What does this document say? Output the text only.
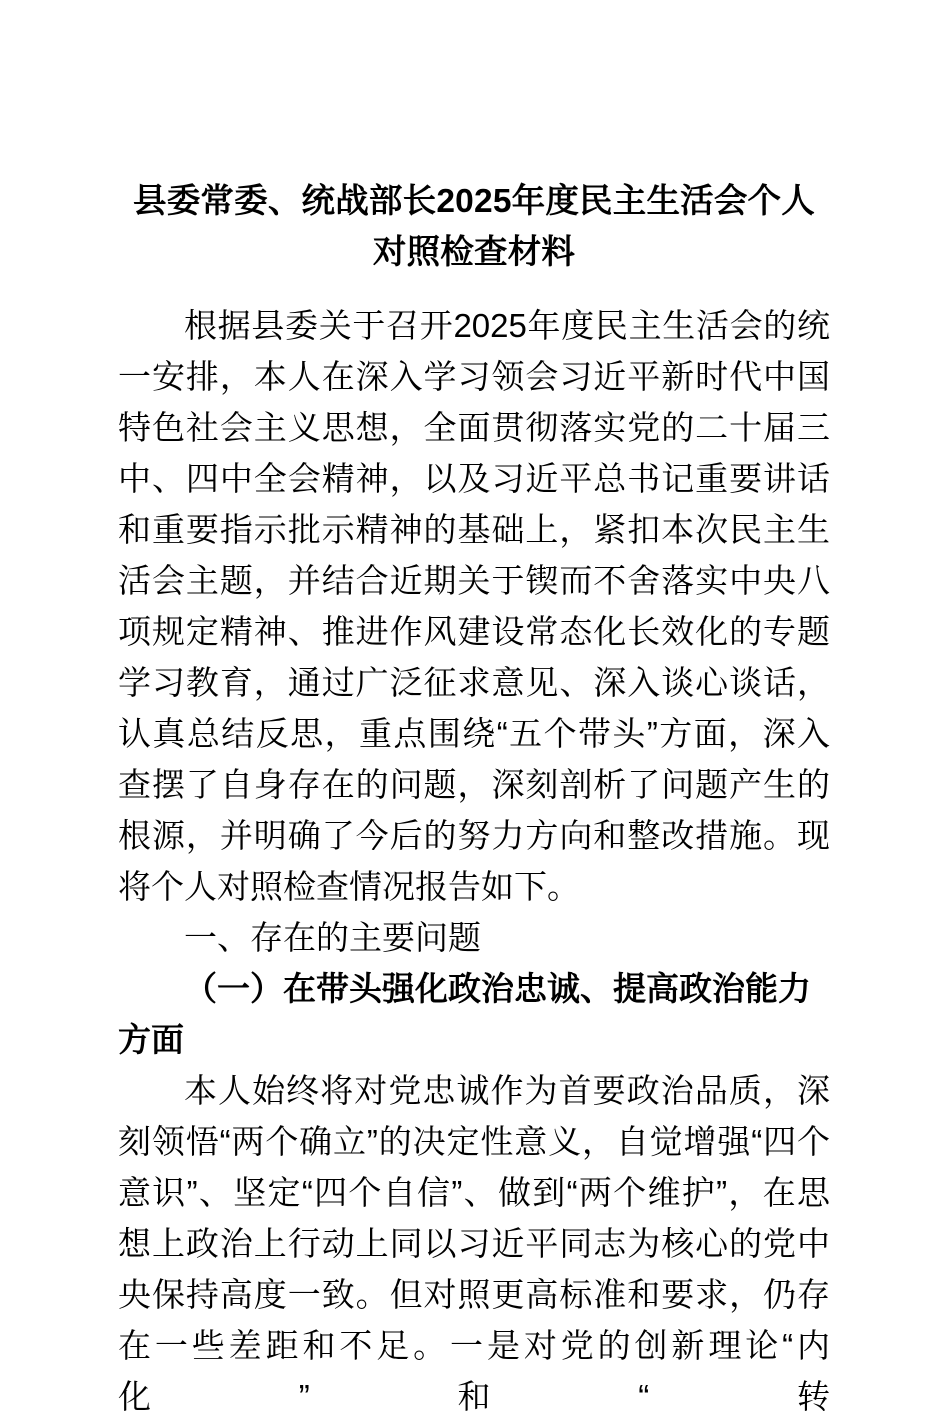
县委常委、统战部长2025年度民主生活会个人对照检查材料

根据县委关于召开2025年度民主生活会的统一安排，本人在深入学习领会习近平新时代中国特色社会主义思想，全面贯彻落实党的二十届三中、四中全会精神，以及习近平总书记重要讲话和重要指示批示精神的基础上，紧扣本次民主生活会主题，并结合近期关于锲而不舍落实中央八项规定精神、推进作风建设常态化长效化的专题学习教育，通过广泛征求意见、深入谈心谈话，认真总结反思，重点围绕“五个带头”方面，深入查摆了自身存在的问题，深刻剖析了问题产生的根源，并明确了今后的努力方向和整改措施。现将个人对照检查情况报告如下。

一、存在的主要问题

（一）在带头强化政治忠诚、提高政治能力方面

本人始终将对党忠诚作为首要政治品质，深刻领悟“两个确立”的决定性意义，自觉增强“四个意识”、坚定“四个自信”、做到“两个维护”，在思想上政治上行动上同以习近平同志为核心的党中央保持高度一致。但对照更高标准和要求，仍存在一些差距和不足。一是对党的创新理论“内化”和“转
